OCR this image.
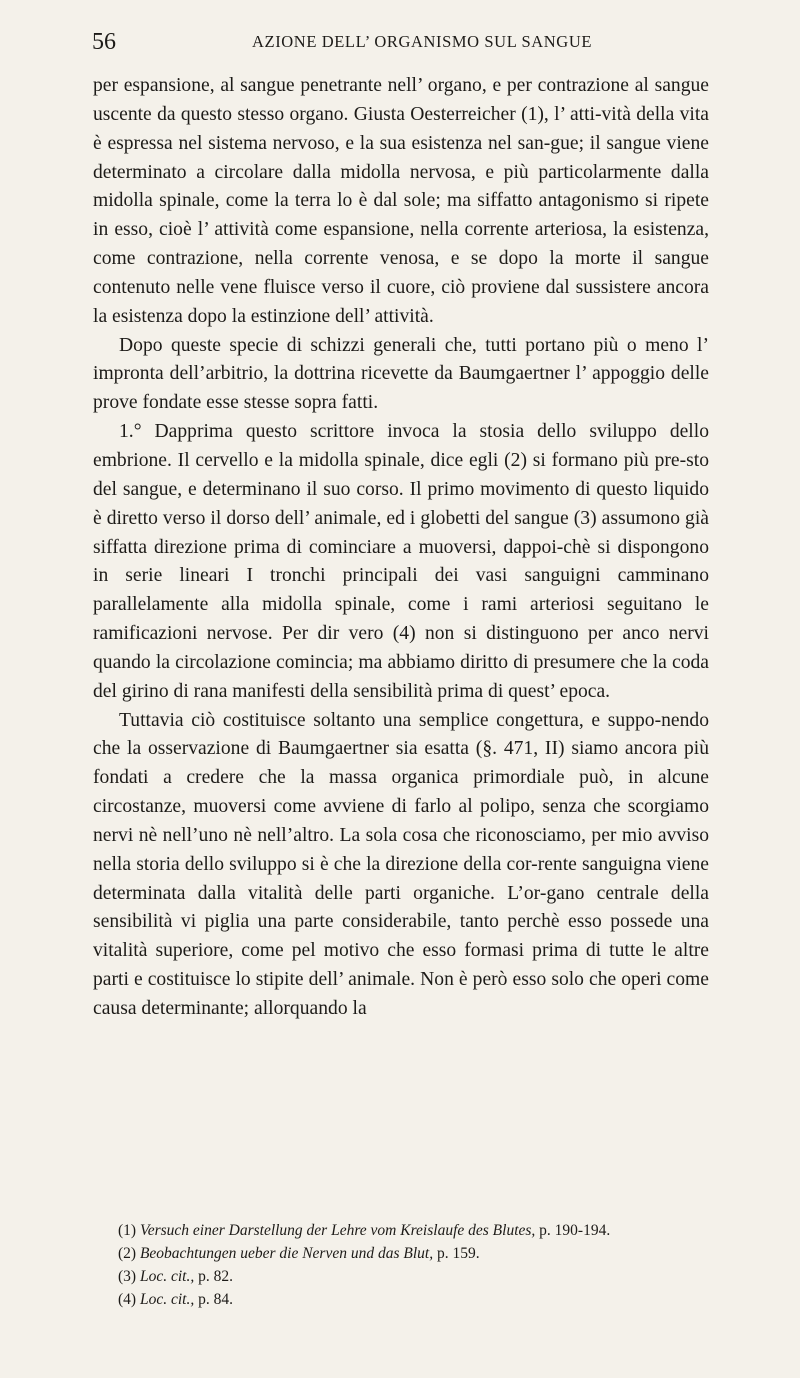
56	AZIONE DELL’ ORGANISMO SUL SANGUE

per espansione, al sangue penetrante nell’ organo, e per contrazione al sangue uscente da questo stesso organo. Giusta Oesterreicher (1), l’ atti-vità della vita è espressa nel sistema nervoso, e la sua esistenza nel san-gue; il sangue viene determinato a circolare dalla midolla nervosa, e più particolarmente dalla midolla spinale, come la terra lo è dal sole; ma siffatto antagonismo si ripete in esso, cioè l’ attività come espansione, nella corrente arteriosa, la esistenza, come contrazione, nella corrente venosa, e se dopo la morte il sangue contenuto nelle vene fluisce verso il cuore, ciò proviene dal sussistere ancora la esistenza dopo la estinzione dell’ attività.

Dopo queste specie di schizzi generali che, tutti portano più o meno l’ impronta dell’arbitrio, la dottrina ricevette da Baumgaertner l’ appoggio delle prove fondate esse stesse sopra fatti.

1.° Dapprima questo scrittore invoca la stosia dello sviluppo dello embrione. Il cervello e la midolla spinale, dice egli (2) si formano più pre-sto del sangue, e determinano il suo corso. Il primo movimento di questo liquido è diretto verso il dorso dell’ animale, ed i globetti del sangue (3) assumono già siffatta direzione prima di cominciare a muoversi, dappoi-chè si dispongono in serie lineari I tronchi principali dei vasi sanguigni camminano parallelamente alla midolla spinale, come i rami arteriosi seguitano le ramificazioni nervose. Per dir vero (4) non si distinguono per anco nervi quando la circolazione comincia; ma abbiamo diritto di presumere che la coda del girino di rana manifesti della sensibilità prima di quest’ epoca.

Tuttavia ciò costituisce soltanto una semplice congettura, e suppo-nendo che la osservazione di Baumgaertner sia esatta (§. 471, II) siamo ancora più fondati a credere che la massa organica primordiale può, in alcune circostanze, muoversi come avviene di farlo al polipo, senza che scorgiamo nervi nè nell’uno nè nell’altro. La sola cosa che riconosciamo, per mio avviso nella storia dello sviluppo si è che la direzione della cor-rente sanguigna viene determinata dalla vitalità delle parti organiche. L’or-gano centrale della sensibilità vi piglia una parte considerabile, tanto perchè esso possede una vitalità superiore, come pel motivo che esso formasi prima di tutte le altre parti e costituisce lo stipite dell’ animale. Non è però esso solo che operi come causa determinante; allorquando la

(1) Versuch einer Darstellung der Lehre vom Kreislaufe des Blutes, p. 190-194.
(2) Beobachtungen ueber die Nerven und das Blut, p. 159.
(3) Loc. cit., p. 82.
(4) Loc. cit., p. 84.
